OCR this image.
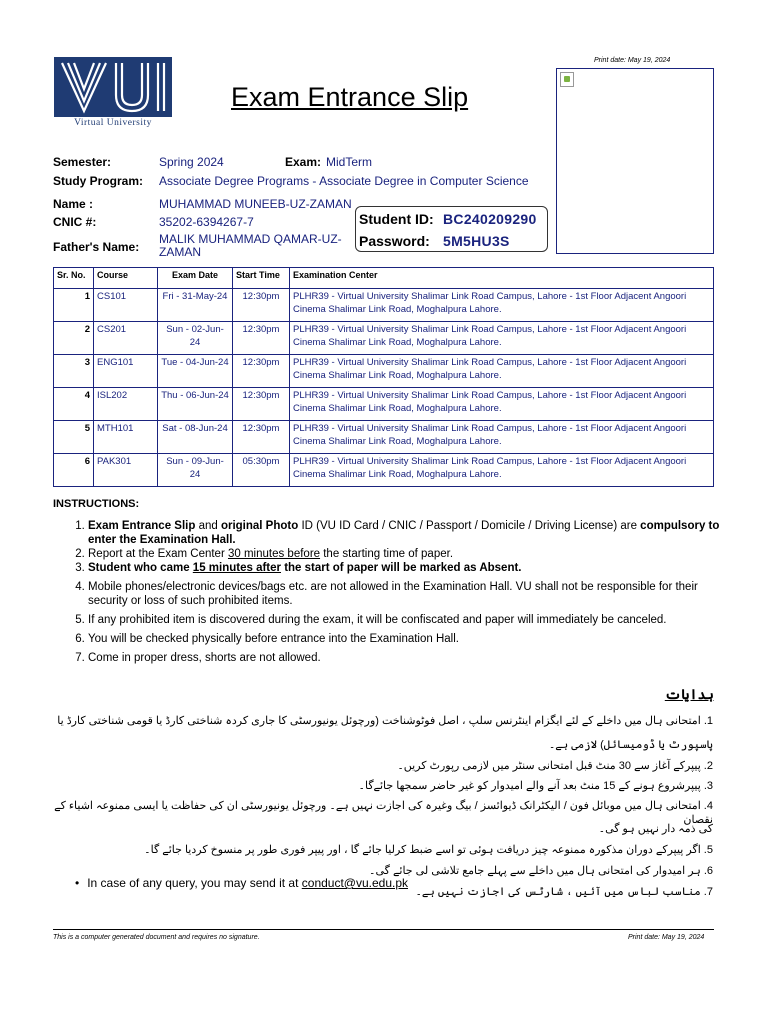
Print date: May 19, 2024
Virtual University
Exam Entrance Slip
Semester:	Spring 2024	Exam: MidTerm
Study Program: Associate Degree Programs - Associate Degree in Computer Science
Name :	MUHAMMAD MUNEEB-UZ-ZAMAN
CNIC #:	35202-6394267-7
Father's Name:
MALIK MUHAMMAD QAMAR-UZ-ZAMAN
Student ID: BC240209290
Password: 5M5HU3S
Sr. No.	Course	Exam Date	Start Time	Examination Center
1	CS101	Fri - 31-May-24	12:30pm	PLHR39 - Virtual University Shalimar Link Road Campus, Lahore - 1st Floor Adjacent Angoori Cinema Shalimar Link Road, Moghalpura Lahore.
2	CS201	Sun - 02-Jun-24	12:30pm	PLHR39 - Virtual University Shalimar Link Road Campus, Lahore - 1st Floor Adjacent Angoori Cinema Shalimar Link Road, Moghalpura Lahore.
3	ENG101	Tue - 04-Jun-24	12:30pm	PLHR39 - Virtual University Shalimar Link Road Campus, Lahore - 1st Floor Adjacent Angoori Cinema Shalimar Link Road, Moghalpura Lahore.
4	ISL202	Thu - 06-Jun-24	12:30pm	PLHR39 - Virtual University Shalimar Link Road Campus, Lahore - 1st Floor Adjacent Angoori Cinema Shalimar Link Road, Moghalpura Lahore.
5	MTH101	Sat - 08-Jun-24	12:30pm	PLHR39 - Virtual University Shalimar Link Road Campus, Lahore - 1st Floor Adjacent Angoori Cinema Shalimar Link Road, Moghalpura Lahore.
6	PAK301	Sun - 09-Jun-24	05:30pm	PLHR39 - Virtual University Shalimar Link Road Campus, Lahore - 1st Floor Adjacent Angoori Cinema Shalimar Link Road, Moghalpura Lahore.
INSTRUCTIONS:
1. Exam Entrance Slip and original Photo ID (VU ID Card / CNIC / Passport / Domicile / Driving License) are compulsory to enter the Examination Hall.
2. Report at the Exam Center 30 minutes before the starting time of paper.
3. Student who came 15 minutes after the start of paper will be marked as Absent.
4. Mobile phones/electronic devices/bags etc. are not allowed in the Examination Hall. VU shall not be responsible for their security or loss of such prohibited items.
5. If any prohibited item is discovered during the exam, it will be confiscated and paper will immediately be canceled.
6. You will be checked physically before entrance into the Examination Hall.
7. Come in proper dress, shorts are not allowed.
ہدایات
1. امتحانی ہال میں داخلے کے لئے ایگزام اینٹرنس سلپ ، اصل فوٹوشناخت (ورچوئل یونیورسٹی کا جاری کردہ شناختی کارڈ یا قومی شناختی کارڈ یا
پاسپورٹ یا ڈومیسائل) لازمی ہے۔
2. پیپرکے آغاز سے 30 منٹ قبل امتحانی سنٹر میں لازمی رپورٹ کریں۔
3. پیپرشروع ہونے کے 15 منٹ بعد آنے والے امیدوار کو غیر حاضر سمجھا جائےگا۔
4. امتحانی ہال میں موبائل فون / الیکٹرانک ڈیوائسز / بیگ وغیرہ کی اجازت نہیں ہے۔ ورچوئل یونیورسٹی ان کی حفاظت یا ایسی ممنوعہ اشیاء کے نقصان
کی ذمہ دار نہیں ہو گی۔
5. اگر پیپرکے دوران مذکورہ ممنوعہ چیز دریافت ہوئی تو اسے ضبط کرلیا جائے گا ، اور پیپر فوری طور پر منسوخ کردیا جائے گا۔
6. ہر امیدوار کی امتحانی ہال میں داخلے سے پہلے جامع تلاشی لی جائے گی۔
7. مناسب لباس میں آئیں ، شارٹس کی اجازت نہیں ہے۔
• In case of any query, you may send it at conduct@vu.edu.pk
This is a computer generated document and requires no signature.	Print date: May 19, 2024
